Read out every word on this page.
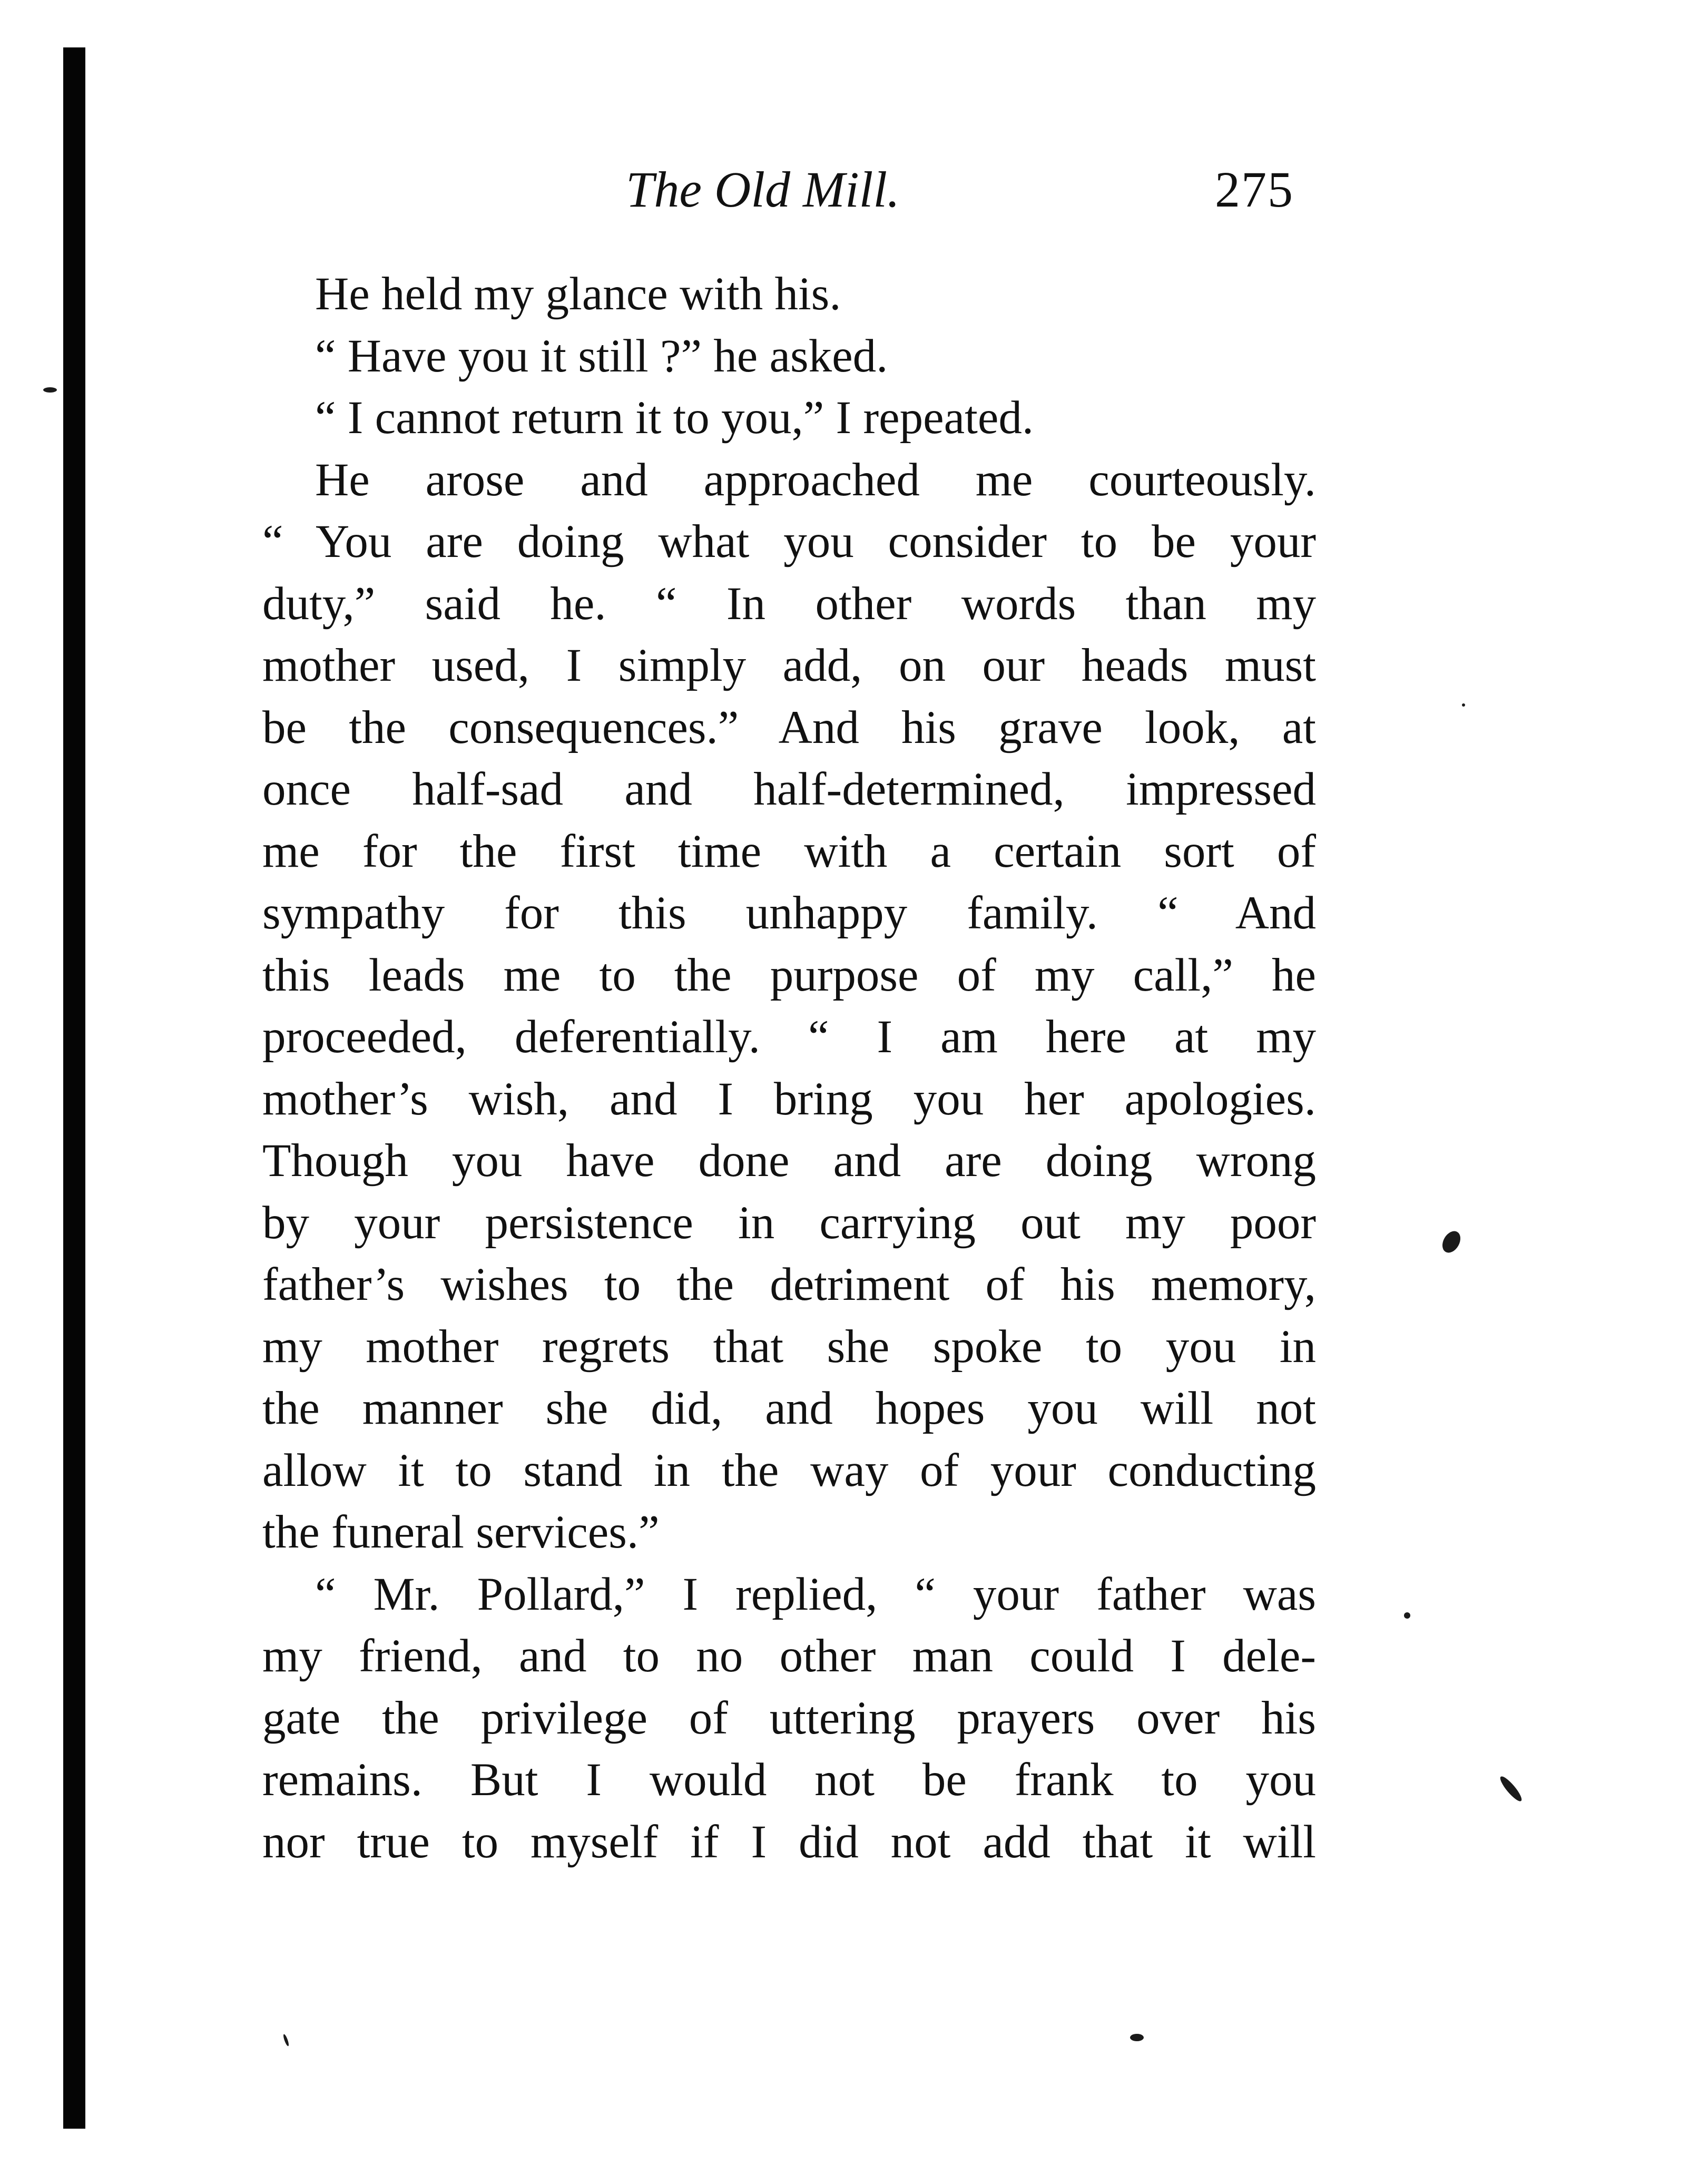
The Old Mill.	275
He held my glance with his.
“ Have you it still ?” he asked.
“ I cannot return it to you,” I repeated.
He arose and approached me courteously.
“ You are doing what you consider to be your
duty,” said he. “ In other words than my
mother used, I simply add, on our heads must
be the consequences.” And his grave look, at
once half-sad and half-determined, impressed
me for the first time with a certain sort of
sympathy for this unhappy family. “ And
this leads me to the purpose of my call,” he
proceeded, deferentially. “ I am here at my
mother’s wish, and I bring you her apologies.
Though you have done and are doing wrong
by your persistence in carrying out my poor
father’s wishes to the detriment of his memory,
my mother regrets that she spoke to you in
the manner she did, and hopes you will not
allow it to stand in the way of your conducting
the funeral services.”
“ Mr. Pollard,” I replied, “ your father was
my friend, and to no other man could I dele-
gate the privilege of uttering prayers over his
remains. But I would not be frank to you
nor true to myself if I did not add that it will
